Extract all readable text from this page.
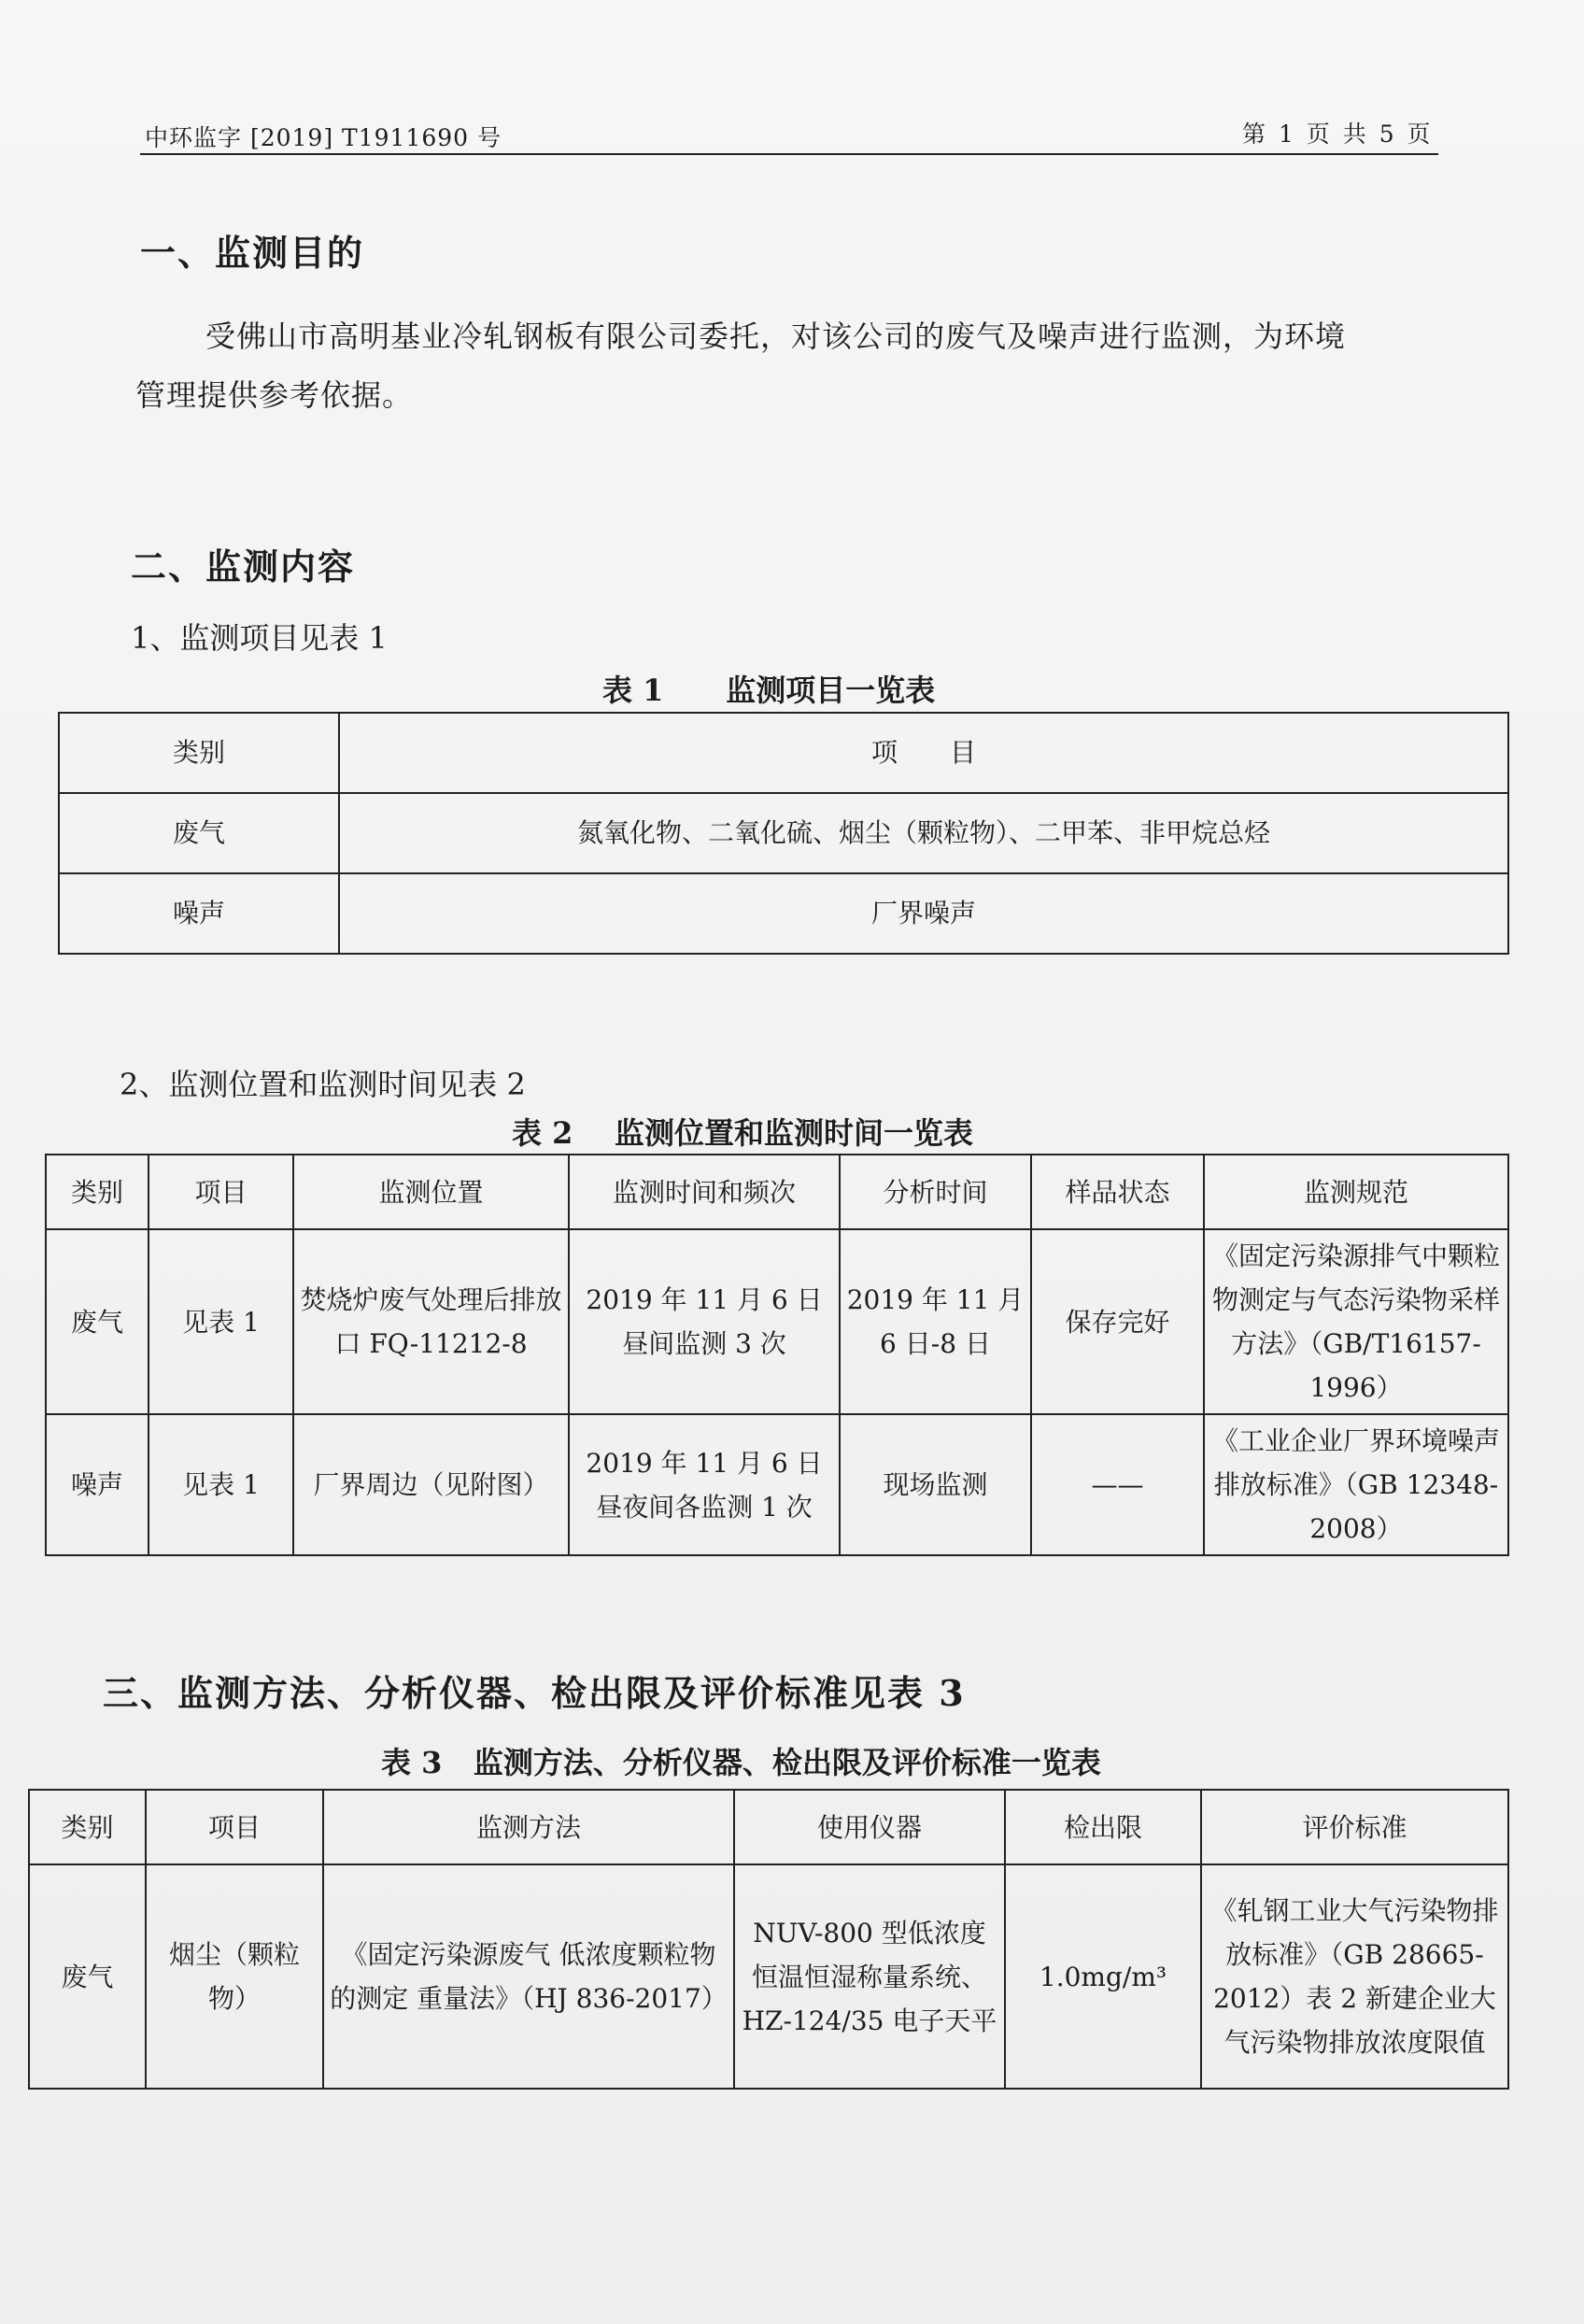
中环监字 [2019] T1911690 号	第 1 页 共 5 页
一、监测目的
受佛山市高明基业冷轧钢板有限公司委托，对该公司的废气及噪声进行监测，为环境
管理提供参考依据。
二、监测内容
1、监测项目见表 1
表 1      监测项目一览表
类别	项　　目
废气	氮氧化物、二氧化硫、烟尘（颗粒物）、二甲苯、非甲烷总烃
噪声	厂界噪声
2、监测位置和监测时间见表 2
表 2    监测位置和监测时间一览表
类别	项目	监测位置	监测时间和频次	分析时间	样品状态	监测规范
废气	见表 1	焚烧炉废气处理后排放口 FQ-11212-8	2019 年 11 月 6 日昼间监测 3 次	2019 年 11 月 6 日-8 日	保存完好	《固定污染源排气中颗粒物测定与气态污染物采样方法》（GB/T16157-1996）
噪声	见表 1	厂界周边（见附图）	2019 年 11 月 6 日昼夜间各监测 1 次	现场监测	——	《工业企业厂界环境噪声排放标准》（GB 12348-2008）
三、监测方法、分析仪器、检出限及评价标准见表 3
表 3   监测方法、分析仪器、检出限及评价标准一览表
类别	项目	监测方法	使用仪器	检出限	评价标准
废气	烟尘（颗粒物）	《固定污染源废气 低浓度颗粒物的测定 重量法》（HJ 836-2017）	NUV-800 型低浓度恒温恒湿称量系统、HZ-124/35 电子天平	1.0mg/m³	《轧钢工业大气污染物排放标准》（GB 28665-2012）表 2 新建企业大气污染物排放浓度限值
